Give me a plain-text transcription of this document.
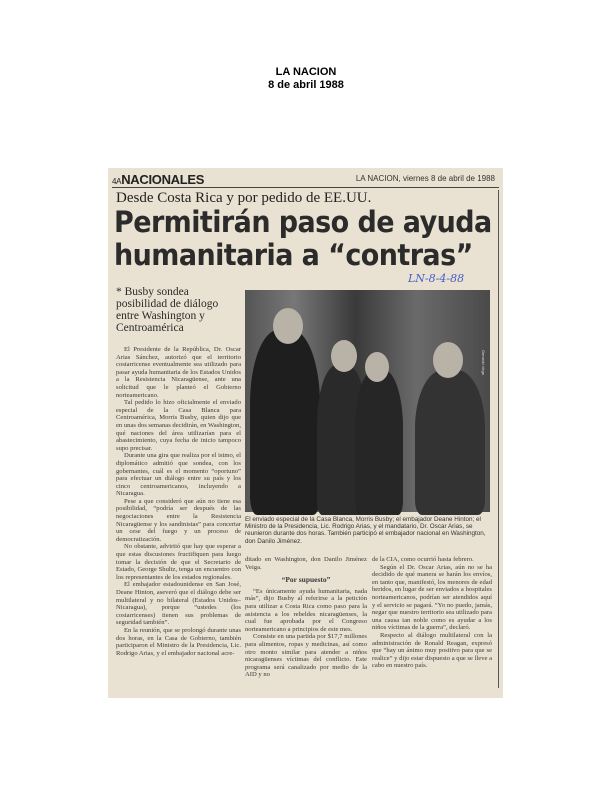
LA NACION
8 de abril 1988
4ANACIONALES	LA NACION, viernes 8 de abril de 1988
Desde Costa Rica y por pedido de EE.UU.
Permitirán paso de ayuda
humanitaria a “contras”
LN-8-4-88
* Busby sondea posibilidad de diálogo entre Washington y Centroamérica

El Presidente de la República, Dr. Oscar Arias Sánchez, autorizó que el territorio costarricense eventualmente sea utilizado para pasar ayuda humanitaria de los Estados Unidos a la Resistencia Nicaragüense, ante una solicitud que le planteó el Gobierno norteamericano.

Tal pedido lo hizo oficialmente el enviado especial de la Casa Blanca para Centroamérica, Morris Busby, quien dijo que en unas dos semanas decidirán, en Washington, qué naciones del área utilizarían para el abastecimiento, cuya fecha de inicio tampoco supo precisar.

Durante una gira que realiza por el istmo, el diplomático admitió que sondea, con los gobernantes, cuál es el momento “oportuno” para efectuar un diálogo entre su país y los cinco centroamericanos, incluyendo a Nicaragua.

Pese a que consideró que aún no tiene esa posibilidad, “podría ser después de las negociaciones entre la Resistencia Nicaragüense y los sandinistas” para concertar un cese del fuego y un proceso de democratización.

No obstante, advirtió que hay que esperar a que estas discusiones fructifiquen para luego tomar la decisión de que el Secretario de Estado, George Shultz, tenga un encuentro con los representantes de los estados regionales.

El embajador estadounidense en San José, Deane Hinton, aseveró que el diálogo debe ser multilateral y no bilateral (Estados Unidos–Nicaragua), porque “ustedes (los costarricenses) tienen sus problemas de seguridad también”.

En la reunión, que se prolongó durante unas dos horas, en la Casa de Gobierno, también participaron el Ministro de la Presidencia, Lic. Rodrigo Arias, y el embajador nacional acre-

Gerardo Vega
El enviado especial de la Casa Blanca, Morris Busby; el embajador Deane Hinton; el Ministro de la Presidencia, Lic. Rodrigo Arias, y el mandatario, Dr. Oscar Arias, se reunieron durante dos horas. También participó el embajador nacional en Washington, don Danilo Jiménez.
ditado en Washington, don Danilo Jiménez Veiga.
“Por supuesto”

“Es únicamente ayuda humanitaria, nada más”, dijo Busby al referirse a la petición para utilizar a Costa Rica como paso para la asistencia a los rebeldes nicaragüenses, la cual fue aprobada por el Congreso norteamericano a principios de este mes.

Consiste en una partida por $17,7 millones para alimentos, ropas y medicinas, así como otro monto similar para atender a niños nicaragüenses víctimas del conflicto. Este programa será canalizado por medio de la AID y no

de la CIA, como ocurrió hasta febrero.

Según el Dr. Oscar Arias, aún no se ha decidido de qué manera se harán los envíos, en tanto que, manifestó, los menores de edad heridos, en lugar de ser enviados a hospitales norteamericanos, podrían ser atendidos aquí y el servicio se pagará. “Yo no puedo, jamás, negar que nuestro territorio sea utilizado para una causa tan noble como es ayudar a los niños víctimas de la guerra”, declaró.

Respecto al diálogo multilateral con la administración de Ronald Reagan, expresó que “hay un ánimo muy positivo para que se realice” y dijo estar dispuesto a que se lleve a cabo en nuestro país.
